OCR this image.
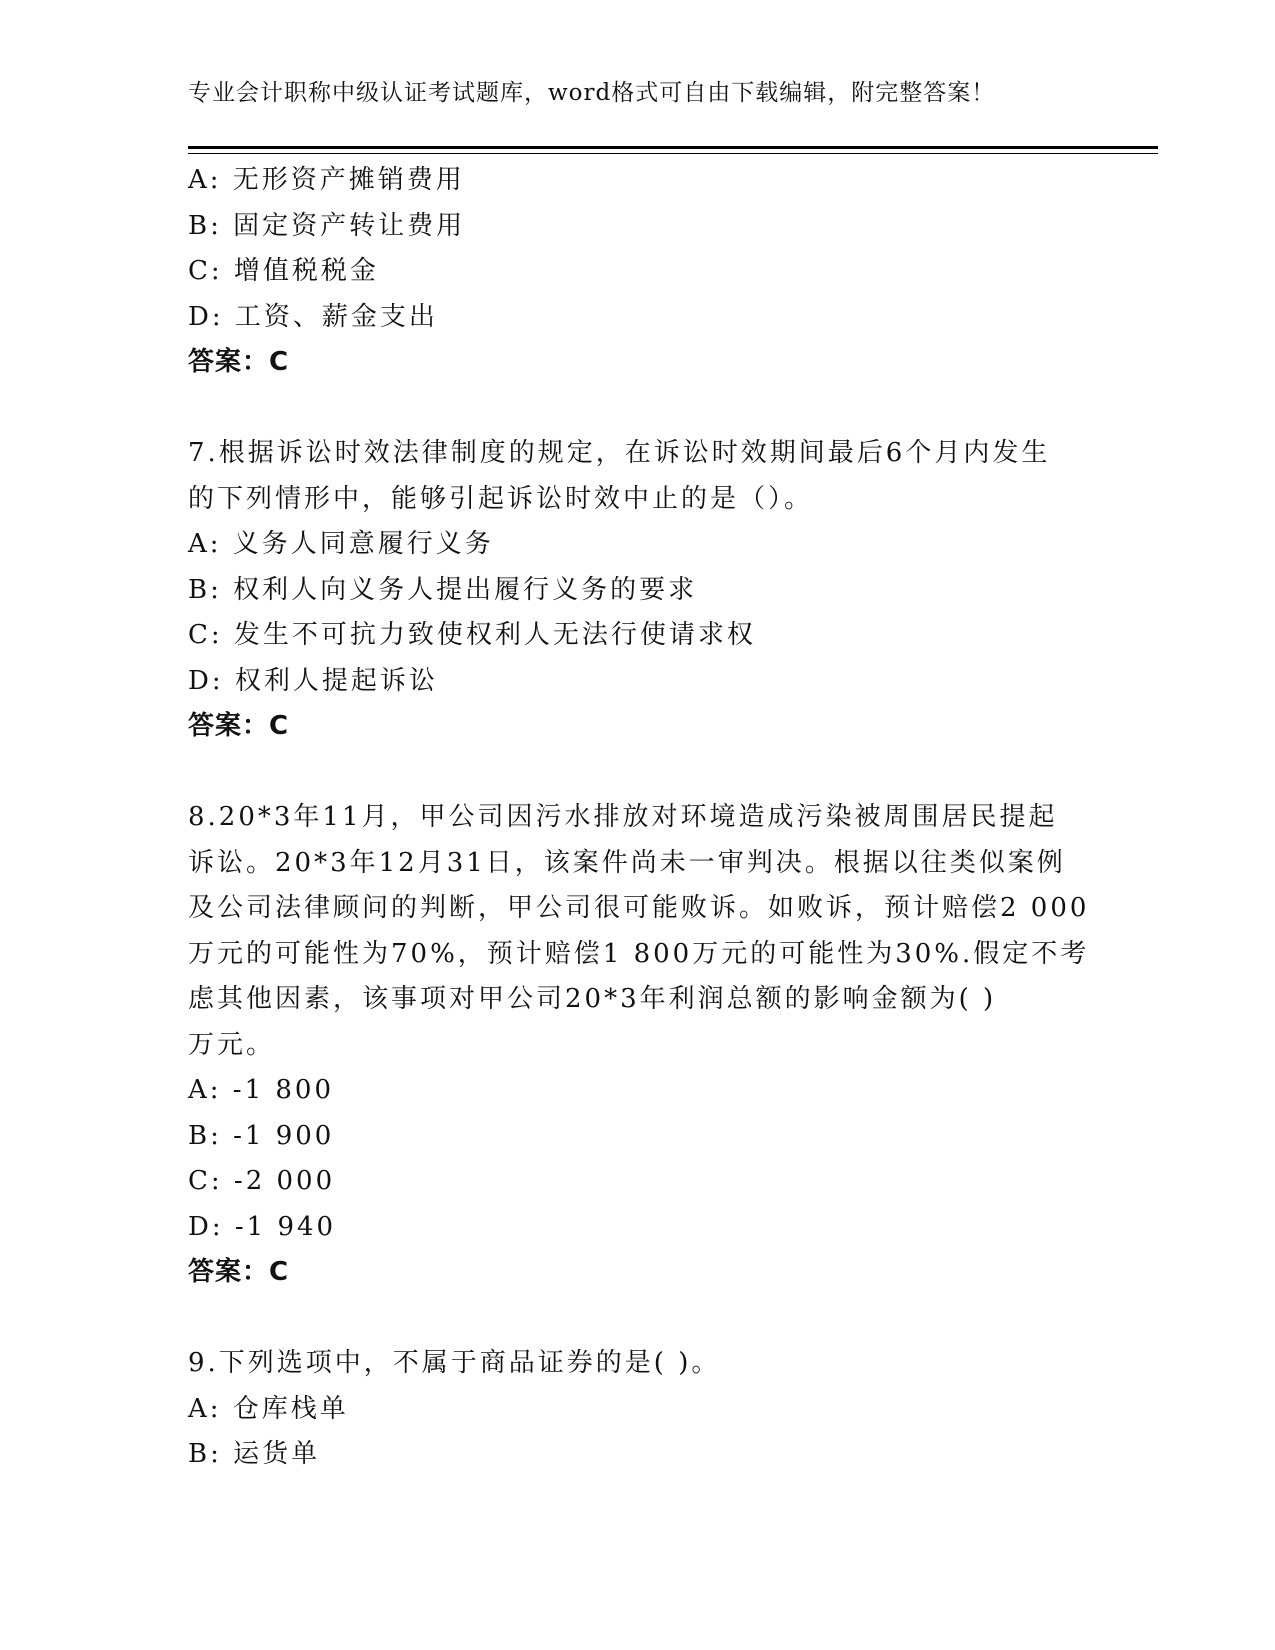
专业会计职称中级认证考试题库，word格式可自由下载编辑，附完整答案！
A: 无形资产摊销费用
B: 固定资产转让费用
C: 增值税税金
D: 工资、薪金支出
答案：C
7.根据诉讼时效法律制度的规定，在诉讼时效期间最后6个月内发生
的下列情形中，能够引起诉讼时效中止的是（）。
A: 义务人同意履行义务
B: 权利人向义务人提出履行义务的要求
C: 发生不可抗力致使权利人无法行使请求权
D: 权利人提起诉讼
答案：C
8.20*3年11月，甲公司因污水排放对环境造成污染被周围居民提起
诉讼。20*3年12月31日，该案件尚未一审判决。根据以往类似案例
及公司法律顾问的判断，甲公司很可能败诉。如败诉，预计赔偿2 000
万元的可能性为70%，预计赔偿1 800万元的可能性为30%.假定不考
虑其他因素，该事项对甲公司20*3年利润总额的影响金额为( )
万元。
A: -1 800
B: -1 900
C: -2 000
D: -1 940
答案：C
9.下列选项中，不属于商品证券的是( )。
A: 仓库栈单
B: 运货单
